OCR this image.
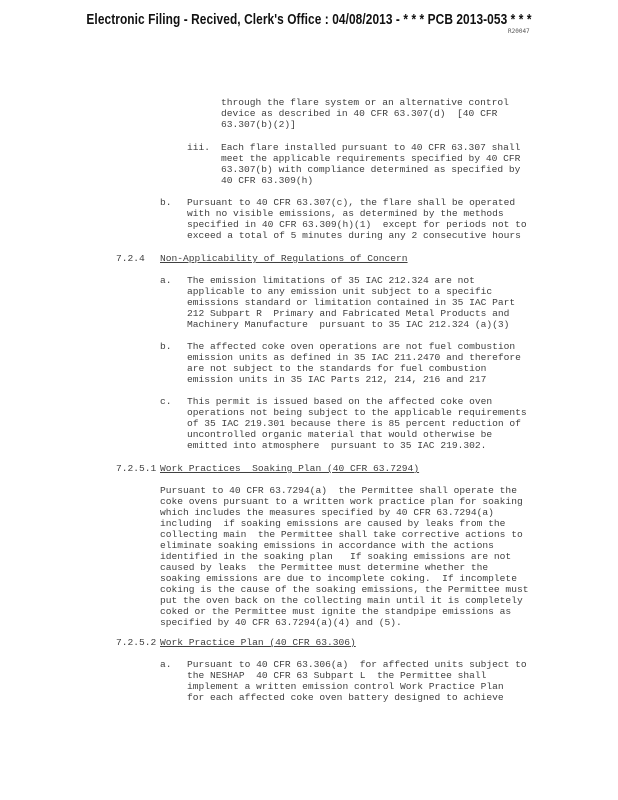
Electronic Filing - Recived, Clerk's Office : 04/08/2013 - * * * PCB 2013-053 * * *
R20047
through the flare system or an alternative control
device as described in 40 CFR 63.307(d)  [40 CFR
63.307(b)(2)]
iii. Each flare installed pursuant to 40 CFR 63.307 shall
meet the applicable requirements specified by 40 CFR
63.307(b) with compliance determined as specified by
40 CFR 63.309(h)
b. Pursuant to 40 CFR 63.307(c), the flare shall be operated
with no visible emissions, as determined by the methods
specified in 40 CFR 63.309(h)(1)  except for periods not to
exceed a total of 5 minutes during any 2 consecutive hours
7.2.4 Non-Applicability of Regulations of Concern
a. The emission limitations of 35 IAC 212.324 are not
applicable to any emission unit subject to a specific
emissions standard or limitation contained in 35 IAC Part
212 Subpart R  Primary and Fabricated Metal Products and
Machinery Manufacture  pursuant to 35 IAC 212.324 (a)(3)
b. The affected coke oven operations are not fuel combustion
emission units as defined in 35 IAC 211.2470 and therefore
are not subject to the standards for fuel combustion
emission units in 35 IAC Parts 212, 214, 216 and 217
c. This permit is issued based on the affected coke oven
operations not being subject to the applicable requirements
of 35 IAC 219.301 because there is 85 percent reduction of
uncontrolled organic material that would otherwise be
emitted into atmosphere  pursuant to 35 IAC 219.302.
7.2.5.1 Work Practices  Soaking Plan (40 CFR 63.7294)
Pursuant to 40 CFR 63.7294(a)  the Permittee shall operate the
coke ovens pursuant to a written work practice plan for soaking
which includes the measures specified by 40 CFR 63.7294(a)
including  if soaking emissions are caused by leaks from the
collecting main  the Permittee shall take corrective actions to
eliminate soaking emissions in accordance with the actions
identified in the soaking plan   If soaking emissions are not
caused by leaks  the Permittee must determine whether the
soaking emissions are due to incomplete coking.  If incomplete
coking is the cause of the soaking emissions, the Permittee must
put the oven back on the collecting main until it is completely
coked or the Permittee must ignite the standpipe emissions as
specified by 40 CFR 63.7294(a)(4) and (5).
7.2.5.2 Work Practice Plan (40 CFR 63.306)
a. Pursuant to 40 CFR 63.306(a)  for affected units subject to
the NESHAP  40 CFR 63 Subpart L  the Permittee shall
implement a written emission control Work Practice Plan
for each affected coke oven battery designed to achieve
